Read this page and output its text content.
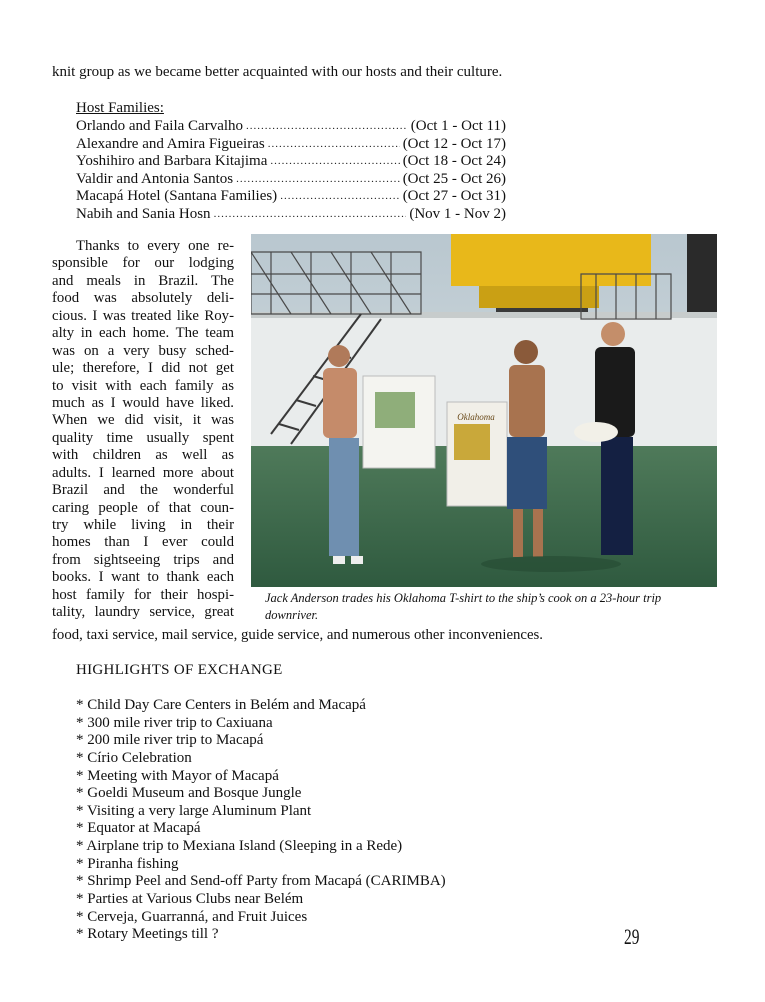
knit group as we became better acquainted with our hosts and their culture.
Host Families:
Orlando and Faila Carvalho .....	(Oct 1 - Oct 11)
Alexandre and Amira Figueiras .....	(Oct 12 - Oct 17)
Yoshihiro and Barbara Kitajima .....	(Oct 18 - Oct 24)
Valdir and Antonia Santos .....	(Oct 25 - Oct 26)
Macapá Hotel (Santana Families) .....	(Oct 27 - Oct 31)
Nabih and Sania Hosn .....	(Nov 1 - Nov 2)
Thanks to every one re-
sponsible for our lodging
and meals in Brazil. The
food was absolutely deli-
cious. I was treated like Roy-
alty in each home. The team
was on a very busy sched-
ule; therefore, I did not get
to visit with each family as
much as I would have liked.
When we did visit, it was
quality time usually spent
with children as well as
adults. I learned more about
Brazil and the wonderful
caring people of that coun-
try while living in their
homes than I ever could
from sightseeing trips and
books. I want to thank each
host family for their hospi-
tality, laundry service, great
food, taxi service, mail service, guide service, and numerous other inconveniences.
Oklahoma
Jack Anderson trades his Oklahoma T-shirt to the ship’s cook on a 23-hour trip
downriver.
HIGHLIGHTS OF EXCHANGE
* Child Day Care Centers in Belém and Macapá
* 300 mile river trip to Caxiuana
* 200 mile river trip to Macapá
* Círio Celebration
* Meeting with Mayor of Macapá
* Goeldi Museum and Bosque Jungle
* Visiting a very large Aluminum Plant
* Equator at Macapá
* Airplane trip to Mexiana Island (Sleeping in a Rede)
* Piranha fishing
* Shrimp Peel and Send-off Party from Macapá (CARIMBA)
* Parties at Various Clubs near Belém
* Cerveja, Guarranná, and Fruit Juices
* Rotary Meetings till ?	29
